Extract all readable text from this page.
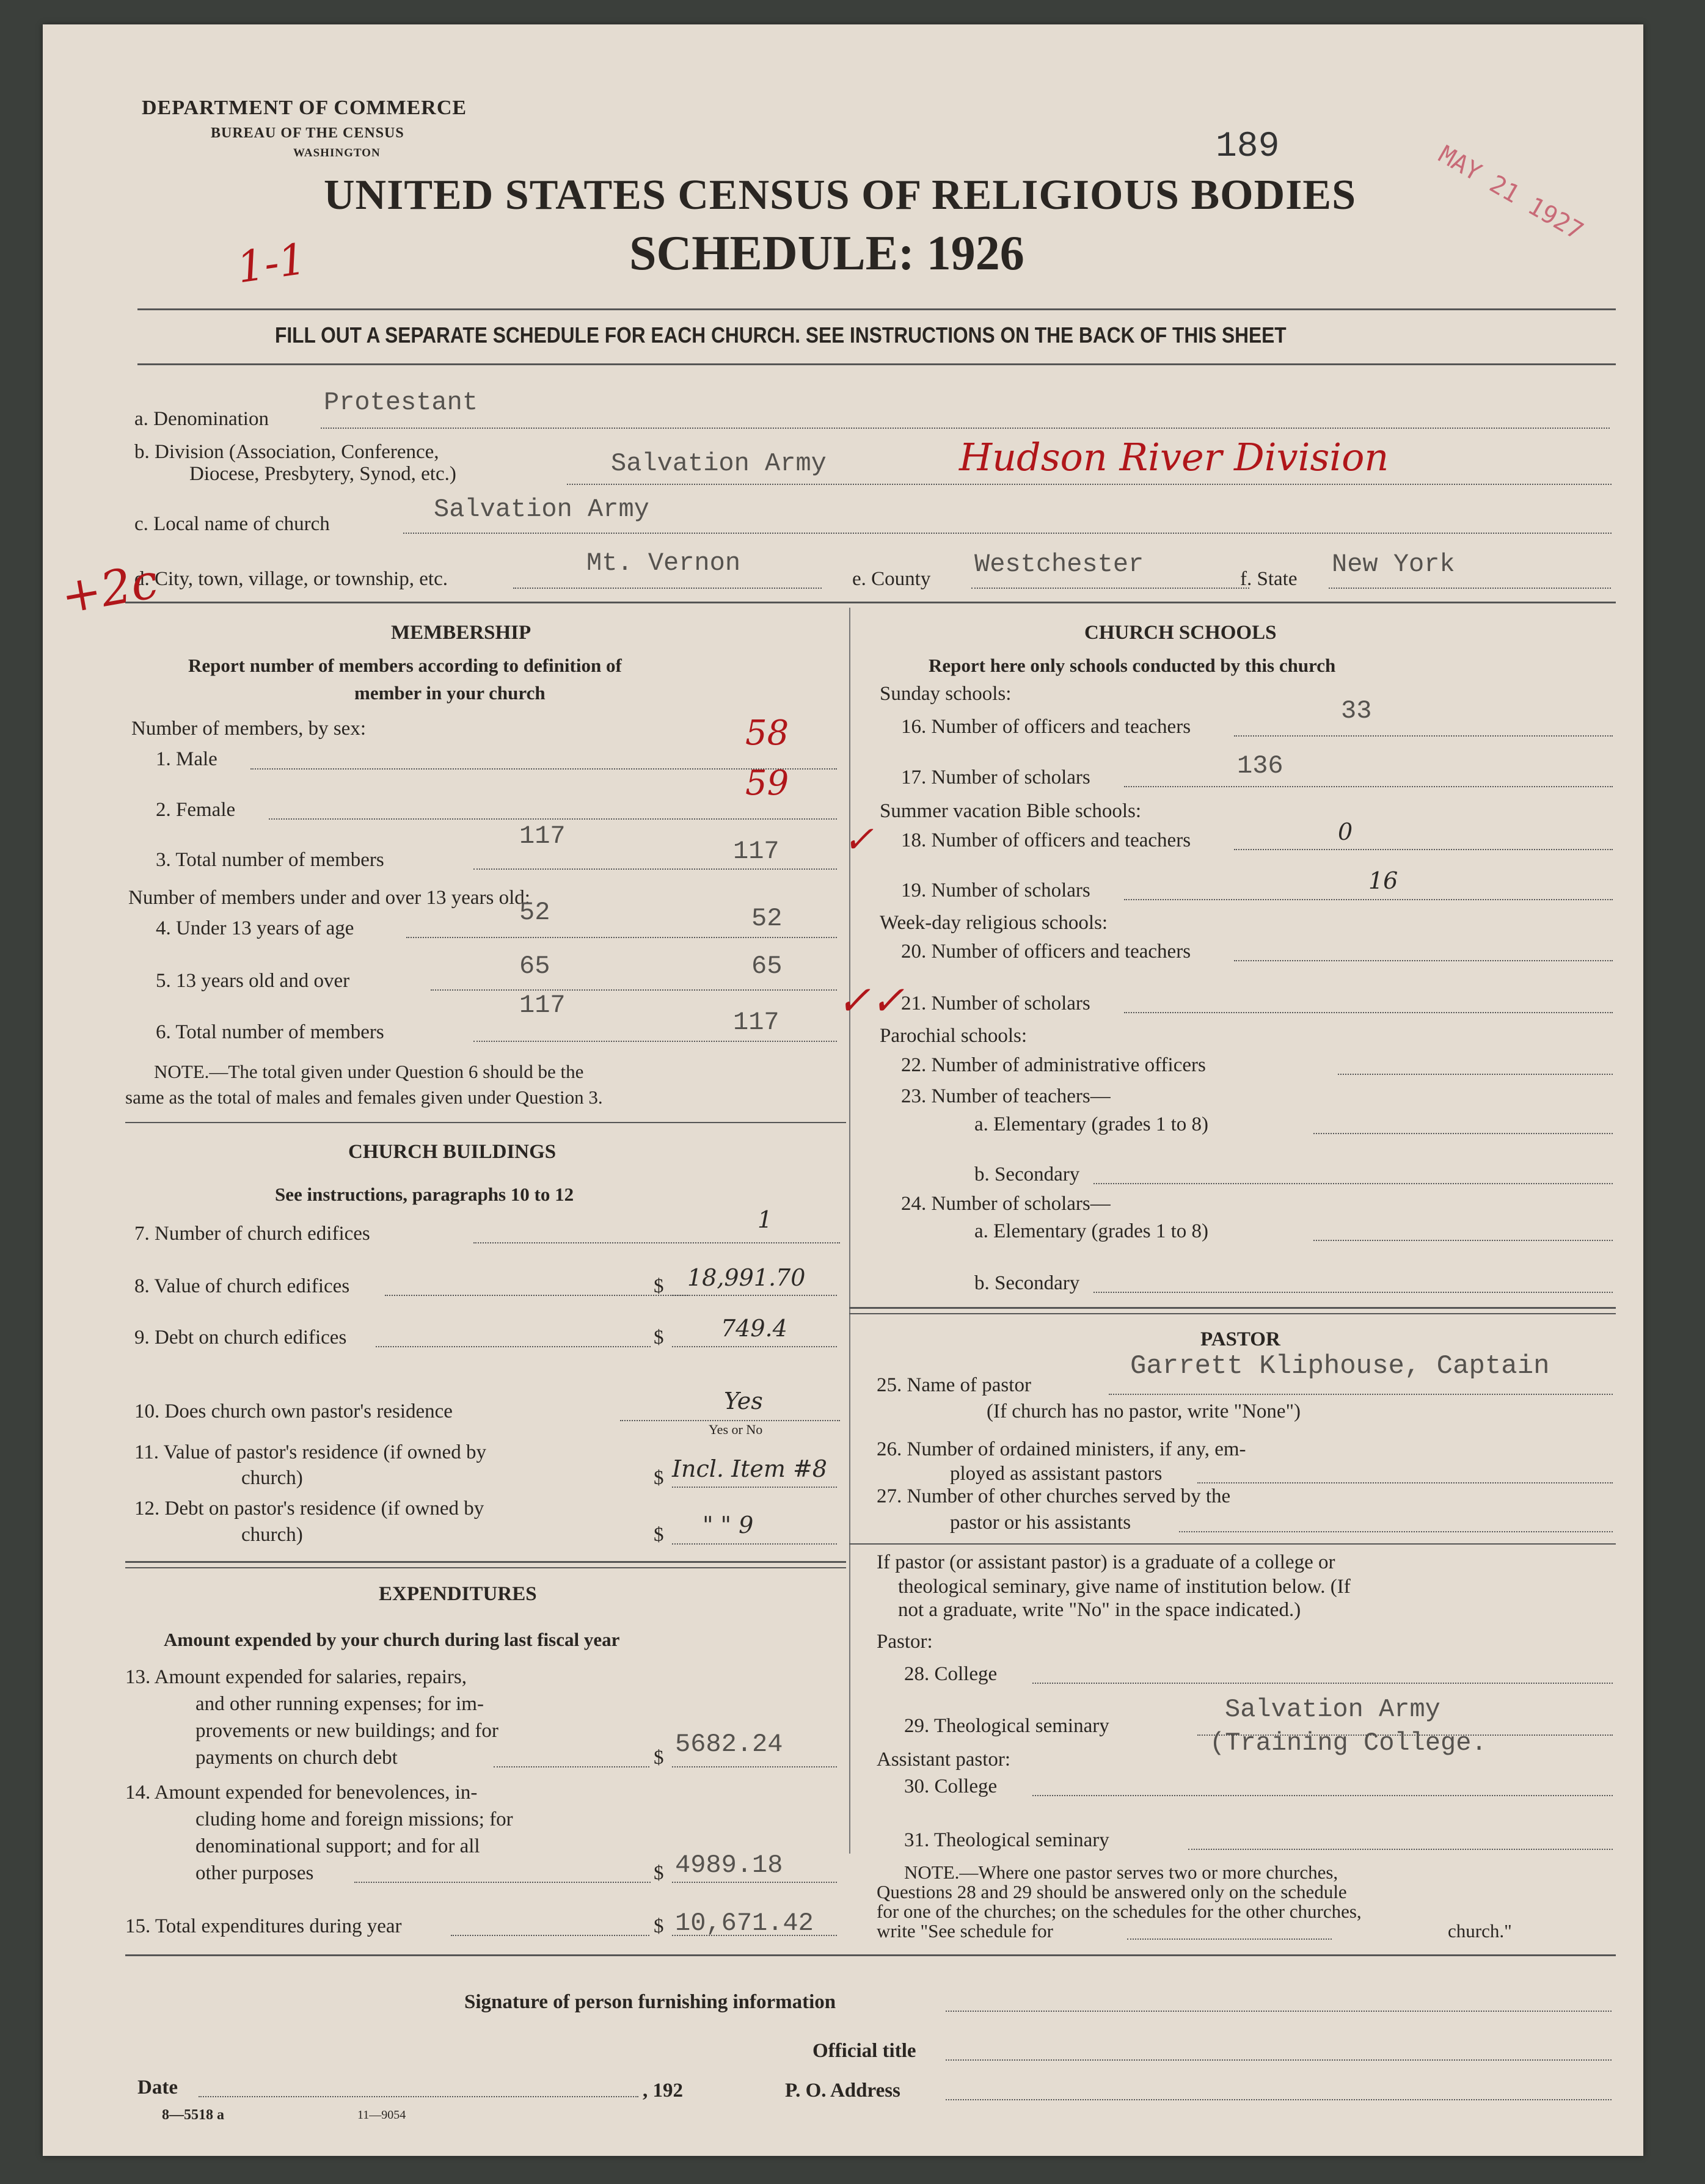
DEPARTMENT OF COMMERCE
BUREAU OF THE CENSUS
WASHINGTON	189	MAY 21 1927
UNITED STATES CENSUS OF RELIGIOUS BODIES
SCHEDULE: 1926
1-1
FILL OUT A SEPARATE SCHEDULE FOR EACH CHURCH. SEE INSTRUCTIONS ON THE BACK OF THIS SHEET
a. Denomination
Protestant
b. Division (Association, Conference,
Diocese, Presbytery, Synod, etc.)	Salvation Army	Hudson River Division
c. Local name of church	Salvation Army
d. City, town, village, or township, etc.
Mt. Vernon
e. County Westchester	f. State New York
+2c
MEMBERSHIP
Report number of members according to definition of
member in your church
Number of members, by sex:
1. Male
58
2. Female
59
3. Total number of members
117
117 ✓
Number of members under and over 13 years old:
4. Under 13 years of age
52	52
5. 13 years old and over	65	65
6. Total number of members
117
117 ✓✓
NOTE.—The total given under Question 6 should be the
same as the total of males and females given under Question 3.
CHURCH BUILDINGS
See instructions, paragraphs 10 to 12
7. Number of church edifices
1
8. Value of church edifices	$ 18,991.70
9. Debt on church edifices	$ 749.4
10. Does church own pastor's residence	Yes
Yes or No
11. Value of pastor's residence (if owned by
church)	$ Incl. Item #8
12. Debt on pastor's residence (if owned by
church)	$ " " 9
EXPENDITURES
Amount expended by your church during last fiscal year
13. Amount expended for salaries, repairs,
and other running expenses; for im-
provements or new buildings; and for
payments on church debt	$ 5682.24
14. Amount expended for benevolences, in-
cluding home and foreign missions; for
denominational support; and for all
other purposes	$ 4989.18
15. Total expenditures during year	$ 10,671.42
CHURCH SCHOOLS
Report here only schools conducted by this church
Sunday schools:
16. Number of officers and teachers
33
17. Number of scholars	136
Summer vacation Bible schools:
18. Number of officers and teachers	0
19. Number of scholars	16
Week-day religious schools:
20. Number of officers and teachers
21. Number of scholars
Parochial schools:
22. Number of administrative officers
23. Number of teachers—
a. Elementary (grades 1 to 8)
b. Secondary
24. Number of scholars—
a. Elementary (grades 1 to 8)
b. Secondary
PASTOR
25. Name of pastor
Garrett Kliphouse, Captain
(If church has no pastor, write "None")
26. Number of ordained ministers, if any, em-
ployed as assistant pastors
27. Number of other churches served by the
pastor or his assistants
If pastor (or assistant pastor) is a graduate of a college or
theological seminary, give name of institution below. (If
not a graduate, write "No" in the space indicated.)
Pastor:
28. College
29. Theological seminary
Salvation Army
(Training College.
Assistant pastor:
30. College
31. Theological seminary
NOTE.—Where one pastor serves two or more churches,
Questions 28 and 29 should be answered only on the schedule
for one of the churches; on the schedules for the other churches,
write "See schedule for	church."
Signature of person furnishing information
Official title
Date	, 192	P. O. Address
8—5518 a	11—9054
